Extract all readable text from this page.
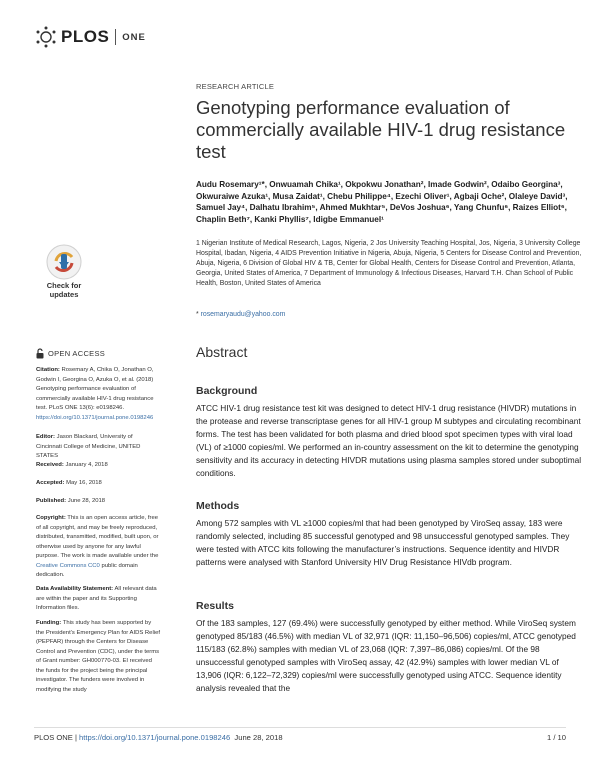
PLOS ONE
RESEARCH ARTICLE
Genotyping performance evaluation of commercially available HIV-1 drug resistance test
Audu Rosemary¹*, Onwuamah Chika¹, Okpokwu Jonathan², Imade Godwin², Odaibo Georgina³, Okwuraiwe Azuka¹, Musa Zaidat¹, Chebu Philippe⁴, Ezechi Oliver¹, Agbaji Oche², Olaleye David³, Samuel Jay⁴, Dalhatu Ibrahim⁵, Ahmed Mukhtar⁵, DeVos Joshua⁶, Yang Chunfu⁶, Raizes Elliot⁶, Chaplin Beth⁷, Kanki Phyllis⁷, Idigbe Emmanuel¹
1 Nigerian Institute of Medical Research, Lagos, Nigeria, 2 Jos University Teaching Hospital, Jos, Nigeria, 3 University College Hospital, Ibadan, Nigeria, 4 AIDS Prevention Initiative in Nigeria, Abuja, Nigeria, 5 Centers for Disease Control and Prevention, Abuja, Nigeria, 6 Division of Global HIV & TB, Center for Global Health, Centers for Disease Control and Prevention, Atlanta, Georgia, United States of America, 7 Department of Immunology & Infectious Diseases, Harvard T.H. Chan School of Public Health, Boston, United States of America
* rosemaryaudu@yahoo.com
Check for
updates
OPEN ACCESS
Citation: Rosemary A, Chika O, Jonathan O, Godwin I, Georgina O, Azuka O, et al. (2018) Genotyping performance evaluation of commercially available HIV-1 drug resistance test. PLoS ONE 13(6): e0198246. https://doi.org/10.1371/journal.pone.0198246
Editor: Jason Blackard, University of Cincinnati College of Medicine, UNITED STATES
Received: January 4, 2018
Accepted: May 16, 2018
Published: June 28, 2018
Copyright: This is an open access article, free of all copyright, and may be freely reproduced, distributed, transmitted, modified, built upon, or otherwise used by anyone for any lawful purpose. The work is made available under the Creative Commons CC0 public domain dedication.
Data Availability Statement: All relevant data are within the paper and its Supporting Information files.
Funding: This study has been supported by the President’s Emergency Plan for AIDS Relief (PEPFAR) through the Centers for Disease Control and Prevention (CDC), under the terms of Grant number: GH000770-03. EI received the funds for the project being the principal investigator. The funders were involved in modifying the study
Abstract
Background
ATCC HIV-1 drug resistance test kit was designed to detect HIV-1 drug resistance (HIVDR) mutations in the protease and reverse transcriptase genes for all HIV-1 group M subtypes and circulating recombinant forms. The test has been validated for both plasma and dried blood spot specimen types with viral load (VL) of ≥1000 copies/ml. We performed an in-country assessment on the kit to determine the genotyping sensitivity and its accuracy in detecting HIVDR mutations using plasma samples stored under suboptimal conditions.
Methods
Among 572 samples with VL ≥1000 copies/ml that had been genotyped by ViroSeq assay, 183 were randomly selected, including 85 successful genotyped and 98 unsuccessful genotyped samples. They were tested with ATCC kits following the manufacturer’s instructions. Sequence identity and HIVDR patterns were analysed with Stanford University HIV Drug Resistance HIVdb program.
Results
Of the 183 samples, 127 (69.4%) were successfully genotyped by either method. While ViroSeq system genotyped 85/183 (46.5%) with median VL of 32,971 (IQR: 11,150–96,506) copies/ml, ATCC genotyped 115/183 (62.8%) samples with median VL of 23,068 (IQR: 7,397–86,086) copies/ml. Of the 98 unsuccessful genotyped samples with ViroSeq assay, 42 (42.9%) samples with lower median VL of 13,906 (IQR: 6,122–72,329) copies/ml were successfully genotyped using ATCC. Sequence identity analysis revealed that the
PLOS ONE | https://doi.org/10.1371/journal.pone.0198246 June 28, 2018	1 / 10
